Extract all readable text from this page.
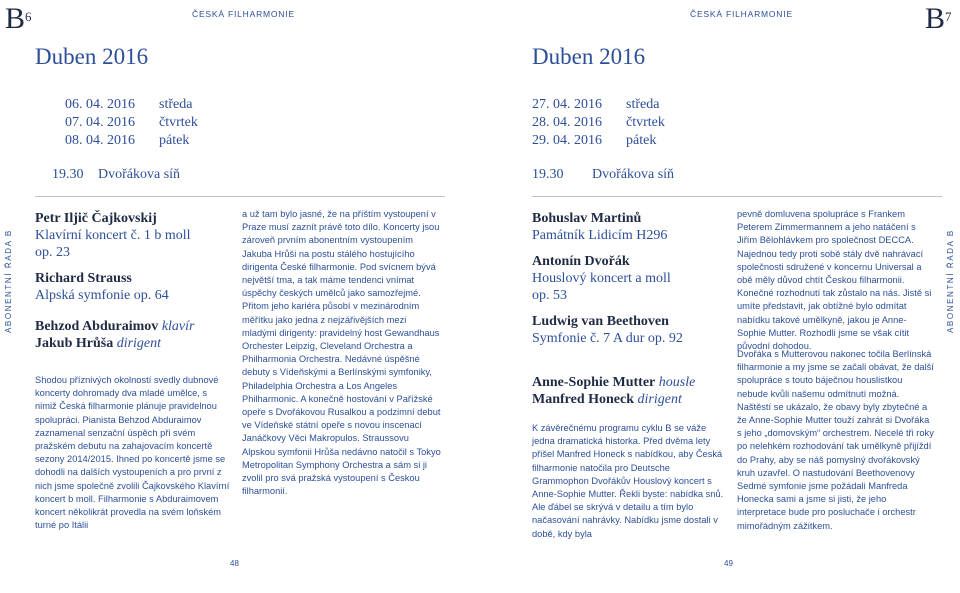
$B^6$	ČESKÁ FILHARMONIE
Duben 2016
06. 04. 2016	středa
07. 04. 2016	čtvrtek
08. 04. 2016	pátek
19.30	Dvořákova síň
ABONENTNÍ ŘADA B
Petr Iljič Čajkovskij
Klavírní koncert č. 1 b moll
op. 23
Richard Strauss
Alpská symfonie op. 64
Behzod Abduraimov klavír
Jakub Hrůša dirigent
Shodou příznivých okolností svedly dubnové koncerty dohromady dva mladé umělce, s nimiž Česká filharmonie plánuje pravidelnou spolupráci. Pianista Behzod Abduraimov zaznamenal senzační úspěch při svém pražském debutu na zahajovacím koncertě sezony 2014/2015. Ihned po koncertě jsme se dohodli na dalších vystoupeních a pro první z nich jsme společně zvolili Čajkovského Klavírní koncert b moll. Filharmonie s Abduraimovem koncert několikrát provedla na svém loňském turné po Itálii
a už tam bylo jasné, že na příštím vystoupení v Praze musí zaznít právě toto dílo. Koncerty jsou zároveň prvním abonentním vystoupením Jakuba Hrůši na postu stálého hostujícího dirigenta České filharmonie. Pod svícnem bývá největší tma, a tak máme tendenci vnímat úspěchy českých umělců jako samozřejmé. Přitom jeho kariéra působí v mezinárodním měřítku jako jedna z nejzářivějších mezi mladými dirigenty: pravidelný host Gewandhaus Orchester Leipzig, Cleveland Orchestra a Philharmonia Orchestra. Nedávné úspěšné debuty s Vídeňskými a Berlínskými symfoniky, Philadelphia Orchestra a Los Angeles Philharmonic. A konečně hostování v Pařížské opeře s Dvořákovou Rusalkou a podzimní debut ve Vídeňské státní opeře s novou inscenací Janáčkovy Věci Makropulos. Straussovu Alpskou symfonii Hrůša nedávno natočil s Tokyo Metropolitan Symphony Orchestra a sám si ji zvolil pro svá pražská vystoupení s Českou filharmonií.
48
ČESKÁ FILHARMONIE	$B^7$
Duben 2016
27. 04. 2016	středa
28. 04. 2016	čtvrtek
29. 04. 2016	pátek
19.30	Dvořákova síň
ABONENTNÍ ŘADA B
Bohuslav Martinů
Památník Lidicím H296
Antonín Dvořák
Houslový koncert a moll
op. 53
Ludwig van Beethoven
Symfonie č. 7 A dur op. 92
Anne-Sophie Mutter housle
Manfred Honeck dirigent
K závěrečnému programu cyklu B se váže jedna dramatická historka. Před dvěma lety přišel Manfred Honeck s nabídkou, aby Česká filharmonie natočila pro Deutsche Grammophon Dvořákův Houslový koncert s Anne-Sophie Mutter. Řekli byste: nabídka snů. Ale ďábel se skrývá v detailu a tím bylo načasování nahrávky. Nabídku jsme dostali v době, kdy byla
pevně domluvena spolupráce s Frankem Peterem Zimmermannem a jeho natáčení s Jiřím Bělohlávkem pro společnost DECCA. Najednou tedy proti sobě stály dvě nahrávací společnosti sdružené v koncernu Universal a obě měly důvod chtít Českou filharmonii. Konečné rozhodnutí tak zůstalo na nás. Jistě si umíte představit, jak obtížné bylo odmítat nabídku takové umělkyně, jakou je Anne-Sophie Mutter. Rozhodli jsme se však cítit původní dohodou.
Dvořáka s Mutterovou nakonec točila Berlínská filharmonie a my jsme se začali obávat, že další spolupráce s touto báječnou houslistkou nebude kvůli našemu odmítnutí možná. Naštěstí se ukázalo, že obavy byly zbytečné a že Anne-Sophie Mutter touží zahrát si Dvořáka s jeho „domovským“ orchestrem. Necelé tři roky po nelehkém rozhodování tak umělkyně přijíždí do Prahy, aby se náš pomyslný dvořákovský kruh uzavřel. O nastudování Beethovenovy Sedmé symfonie jsme požádali Manfreda Honecka sami a jsme si jisti, že jeho interpretace bude pro posluchače i orchestr mimořádným zážitkem.
49
